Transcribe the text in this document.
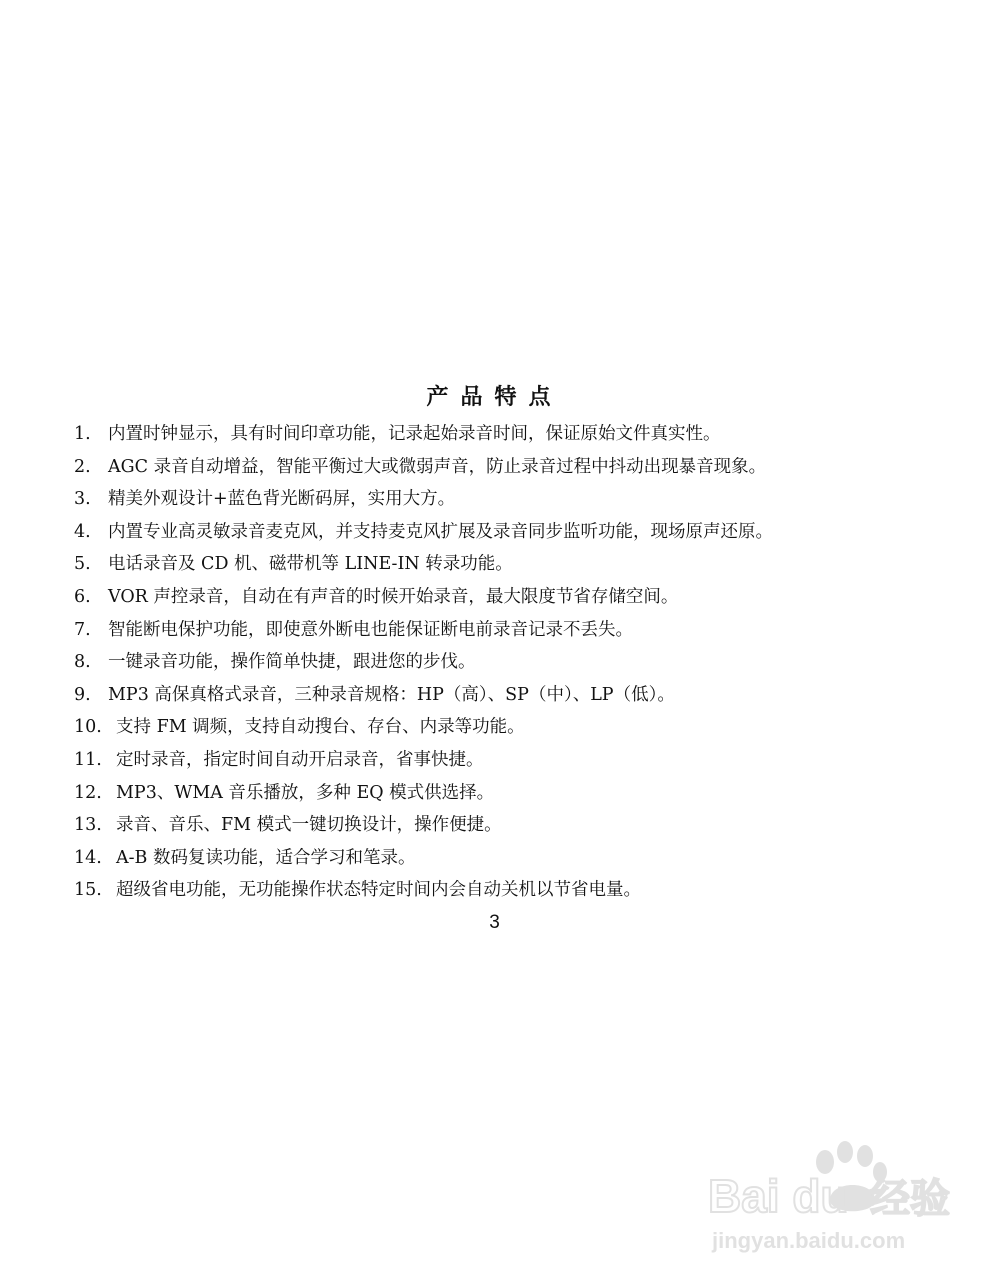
产品特点
1. 内置时钟显示，具有时间印章功能，记录起始录音时间，保证原始文件真实性。
2. AGC 录音自动增益，智能平衡过大或微弱声音，防止录音过程中抖动出现暴音现象。
3. 精美外观设计+蓝色背光断码屏，实用大方。
4. 内置专业高灵敏录音麦克风，并支持麦克风扩展及录音同步监听功能，现场原声还原。
5. 电话录音及 CD 机、磁带机等 LINE-IN 转录功能。
6. VOR 声控录音，自动在有声音的时候开始录音，最大限度节省存储空间。
7. 智能断电保护功能，即使意外断电也能保证断电前录音记录不丢失。
8. 一键录音功能，操作简单快捷，跟进您的步伐。
9. MP3 高保真格式录音，三种录音规格：HP（高）、SP（中）、LP（低）。
10. 支持 FM 调频，支持自动搜台、存台、内录等功能。
11. 定时录音，指定时间自动开启录音，省事快捷。
12. MP3、WMA 音乐播放，多种 EQ 模式供选择。
13. 录音、音乐、FM 模式一键切换设计，操作便捷。
14. A-B 数码复读功能，适合学习和笔录。
15. 超级省电功能，无功能操作状态特定时间内会自动关机以节省电量。
3
Bai du 经验
jingyan.baidu.com
